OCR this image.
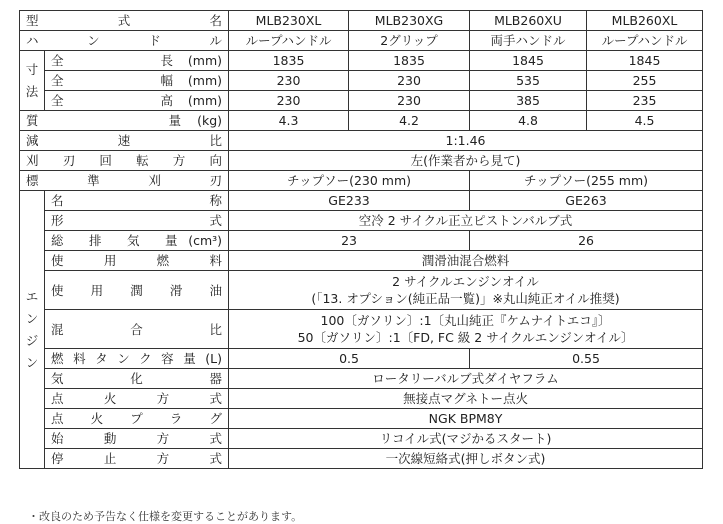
型　　式　　名		MLB230XL	MLB230XG	MLB260XU	MLB260XL
ハ　ン　ド　ル		ループハンドル	2グリップ	両手ハンドル	ループハンドル

寸
法	全　　　長(mm)	1835	1835	1845	1845
	全　　　幅(mm)	230	230	535	255
	全　　　高(mm)	230	230	385	235
質　　　　量(kg)		4.3	4.2	4.8	4.5
減　　速　　比		1:1.46			
刈 刃 回 転 方 向		左(作業者から見て)			
標　準　刈　刃		チップソー(230 mm)		チップソー(255 mm)	

エ
ン
ジ
ン	名　　　称	GE233		GE263	
	形　　　式	空冷 2 サイクル正立ピストンバルブ式			
	総 排 気 量(cm³)	23		26	
	使　用　燃　料	潤滑油混合燃料			
	使 用 潤 滑 油	2 サイクルエンジンオイル
(「13. オプション(純正品一覧)」※丸山純正オイル推奨)			

	混　　合　　比	100〔ガソリン〕:1〔丸山純正『ケムナイトエコ』〕
50〔ガソリン〕:1〔FD, FC 級 2 サイクルエンジンオイル〕			

	燃料タンク容量(L)	0.5		0.55	
	気　　化　　器	ロータリーバルブ式ダイヤフラム			
	点　火　方　式	無接点マグネトー点火			
	点 火 プ ラ グ	NGK BPM8Y			
	始　動　方　式	リコイル式(マジかるスタート)			
	停　止　方　式	一次線短絡式(押しボタン式)			
・改良のため予告なく仕様を変更することがあります。
